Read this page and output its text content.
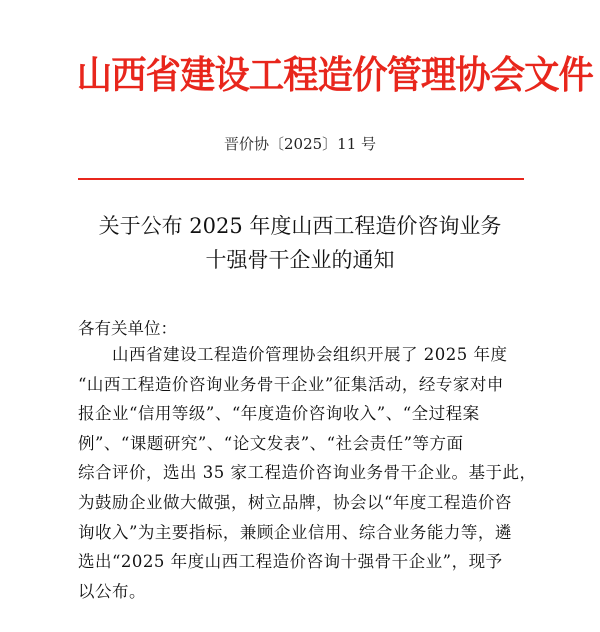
山西省建设工程造价管理协会文件
晋价协〔2025〕11 号
关于公布 2025 年度山西工程造价咨询业务
十强骨干企业的通知
各有关单位：
山西省建设工程造价管理协会组织开展了 2025 年度
“山西工程造价咨询业务骨干企业”征集活动，经专家对申
报企业“信用等级”、“年度造价咨询收入”、“全过程案
例”、“课题研究”、“论文发表”、“社会责任”等方面
综合评价，选出 35 家工程造价咨询业务骨干企业。基于此，
为鼓励企业做大做强，树立品牌，协会以“年度工程造价咨
询收入”为主要指标，兼顾企业信用、综合业务能力等，遴
选出“2025 年度山西工程造价咨询十强骨干企业”，现予
以公布。
